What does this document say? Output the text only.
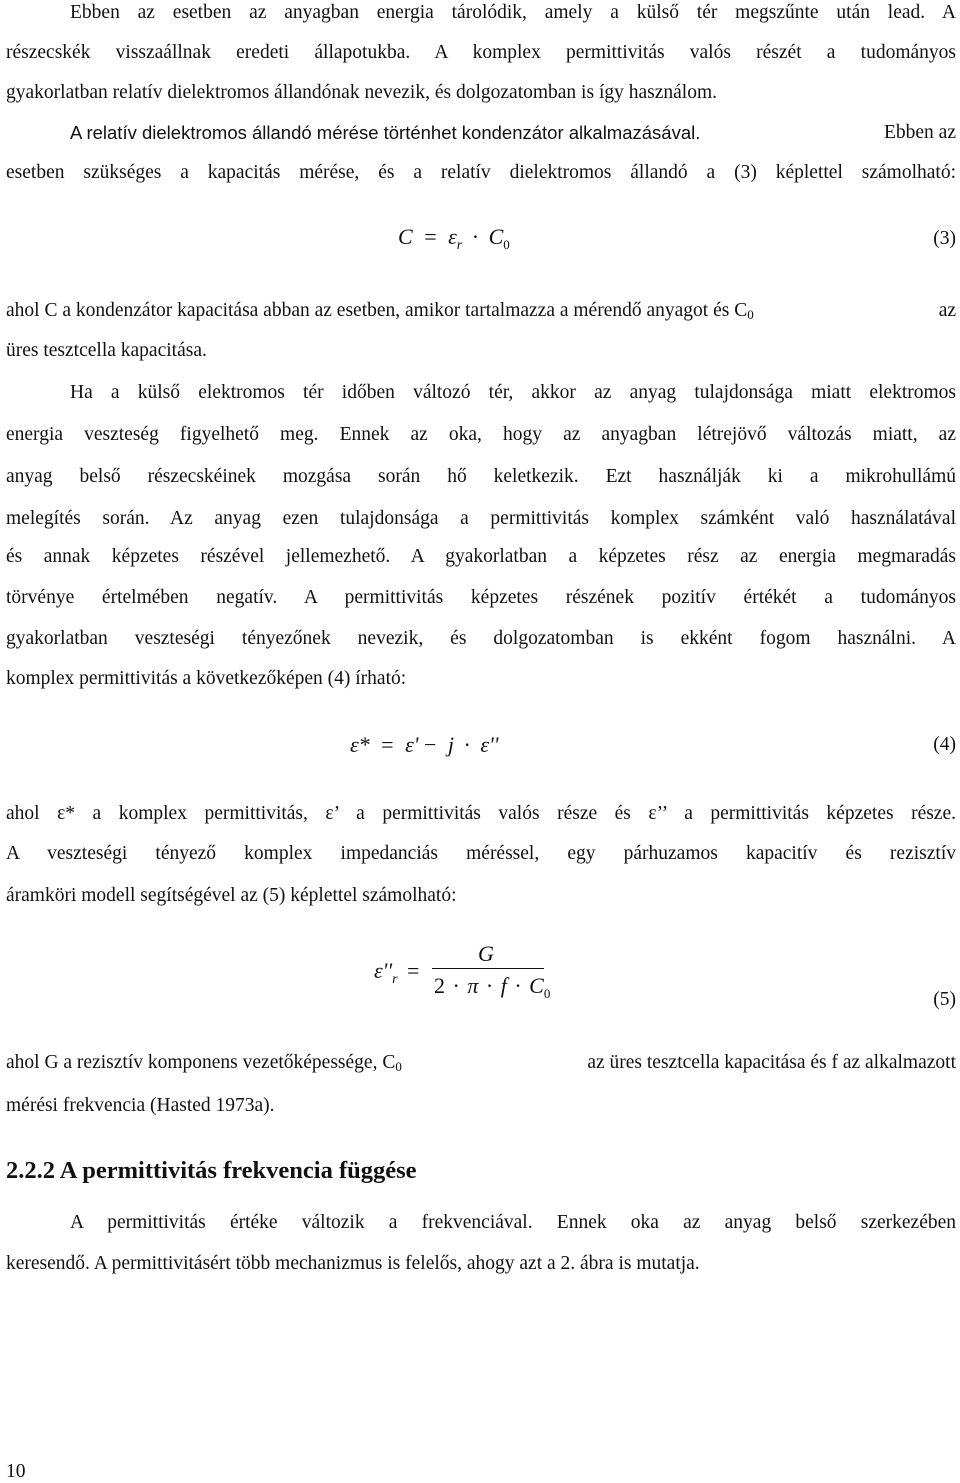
Ebben az esetben az anyagban energia tárolódik, amely a külső tér megszűnte után lead. A

részecskék visszaállnak eredeti állapotukba. A komplex permittivitás valós részét a tudományos

gyakorlatban relatív dielektromos állandónak nevezik, és dolgozatomban is így használom.

A relatív dielektromos állandó mérése történhet kondenzátor alkalmazásával.	Ebben az

esetben szükséges a kapacitás mérése, és a relatív dielektromos állandó a (3) képlettel számolható:

$C = \varepsilon_r \cdot C_0$	(3)

ahol C a kondenzátor kapacitása abban az esetben, amikor tartalmazza a mérendő anyagot és C0	az

üres tesztcella kapacitása.

Ha a külső elektromos tér időben változó tér, akkor az anyag tulajdonsága miatt elektromos

energia veszteség figyelhető meg. Ennek az oka, hogy az anyagban létrejövő változás miatt, az

anyag belső részecskéinek mozgása során hő keletkezik. Ezt használják ki a mikrohullámú

melegítés során. Az anyag ezen tulajdonsága a permittivitás komplex számként való használatával

és annak képzetes részével jellemezhető. A gyakorlatban a képzetes rész az energia megmaradás

törvénye értelmében negatív. A permittivitás képzetes részének pozitív értékét a tudományos

gyakorlatban veszteségi tényezőnek nevezik, és dolgozatomban is ekként fogom használni. A

komplex permittivitás a következőképen (4) írható:

ε* = ε' − j · ε''	(4)

ahol ε* a komplex permittivitás, ε’ a permittivitás valós része és ε’’ a permittivitás képzetes része.

A veszteségi tényező komplex impedanciás méréssel, egy párhuzamos kapacitív és rezisztív

áramköri modell segítségével az (5) képlettel számolható:

$\varepsilon''_r$ =
G
$2 \cdot \pi \cdot f \cdot C_0$	(5)

ahol G a rezisztív komponens vezetőképessége, C0	az üres tesztcella kapacitása és f az alkalmazott

mérési frekvencia (Hasted 1973a).

2.2.2 A permittivitás frekvencia függése

A permittivitás értéke változik a frekvenciával. Ennek oka az anyag belső szerkezében

keresendő. A permittivitásért több mechanizmus is felelős, ahogy azt a 2. ábra is mutatja.

10
